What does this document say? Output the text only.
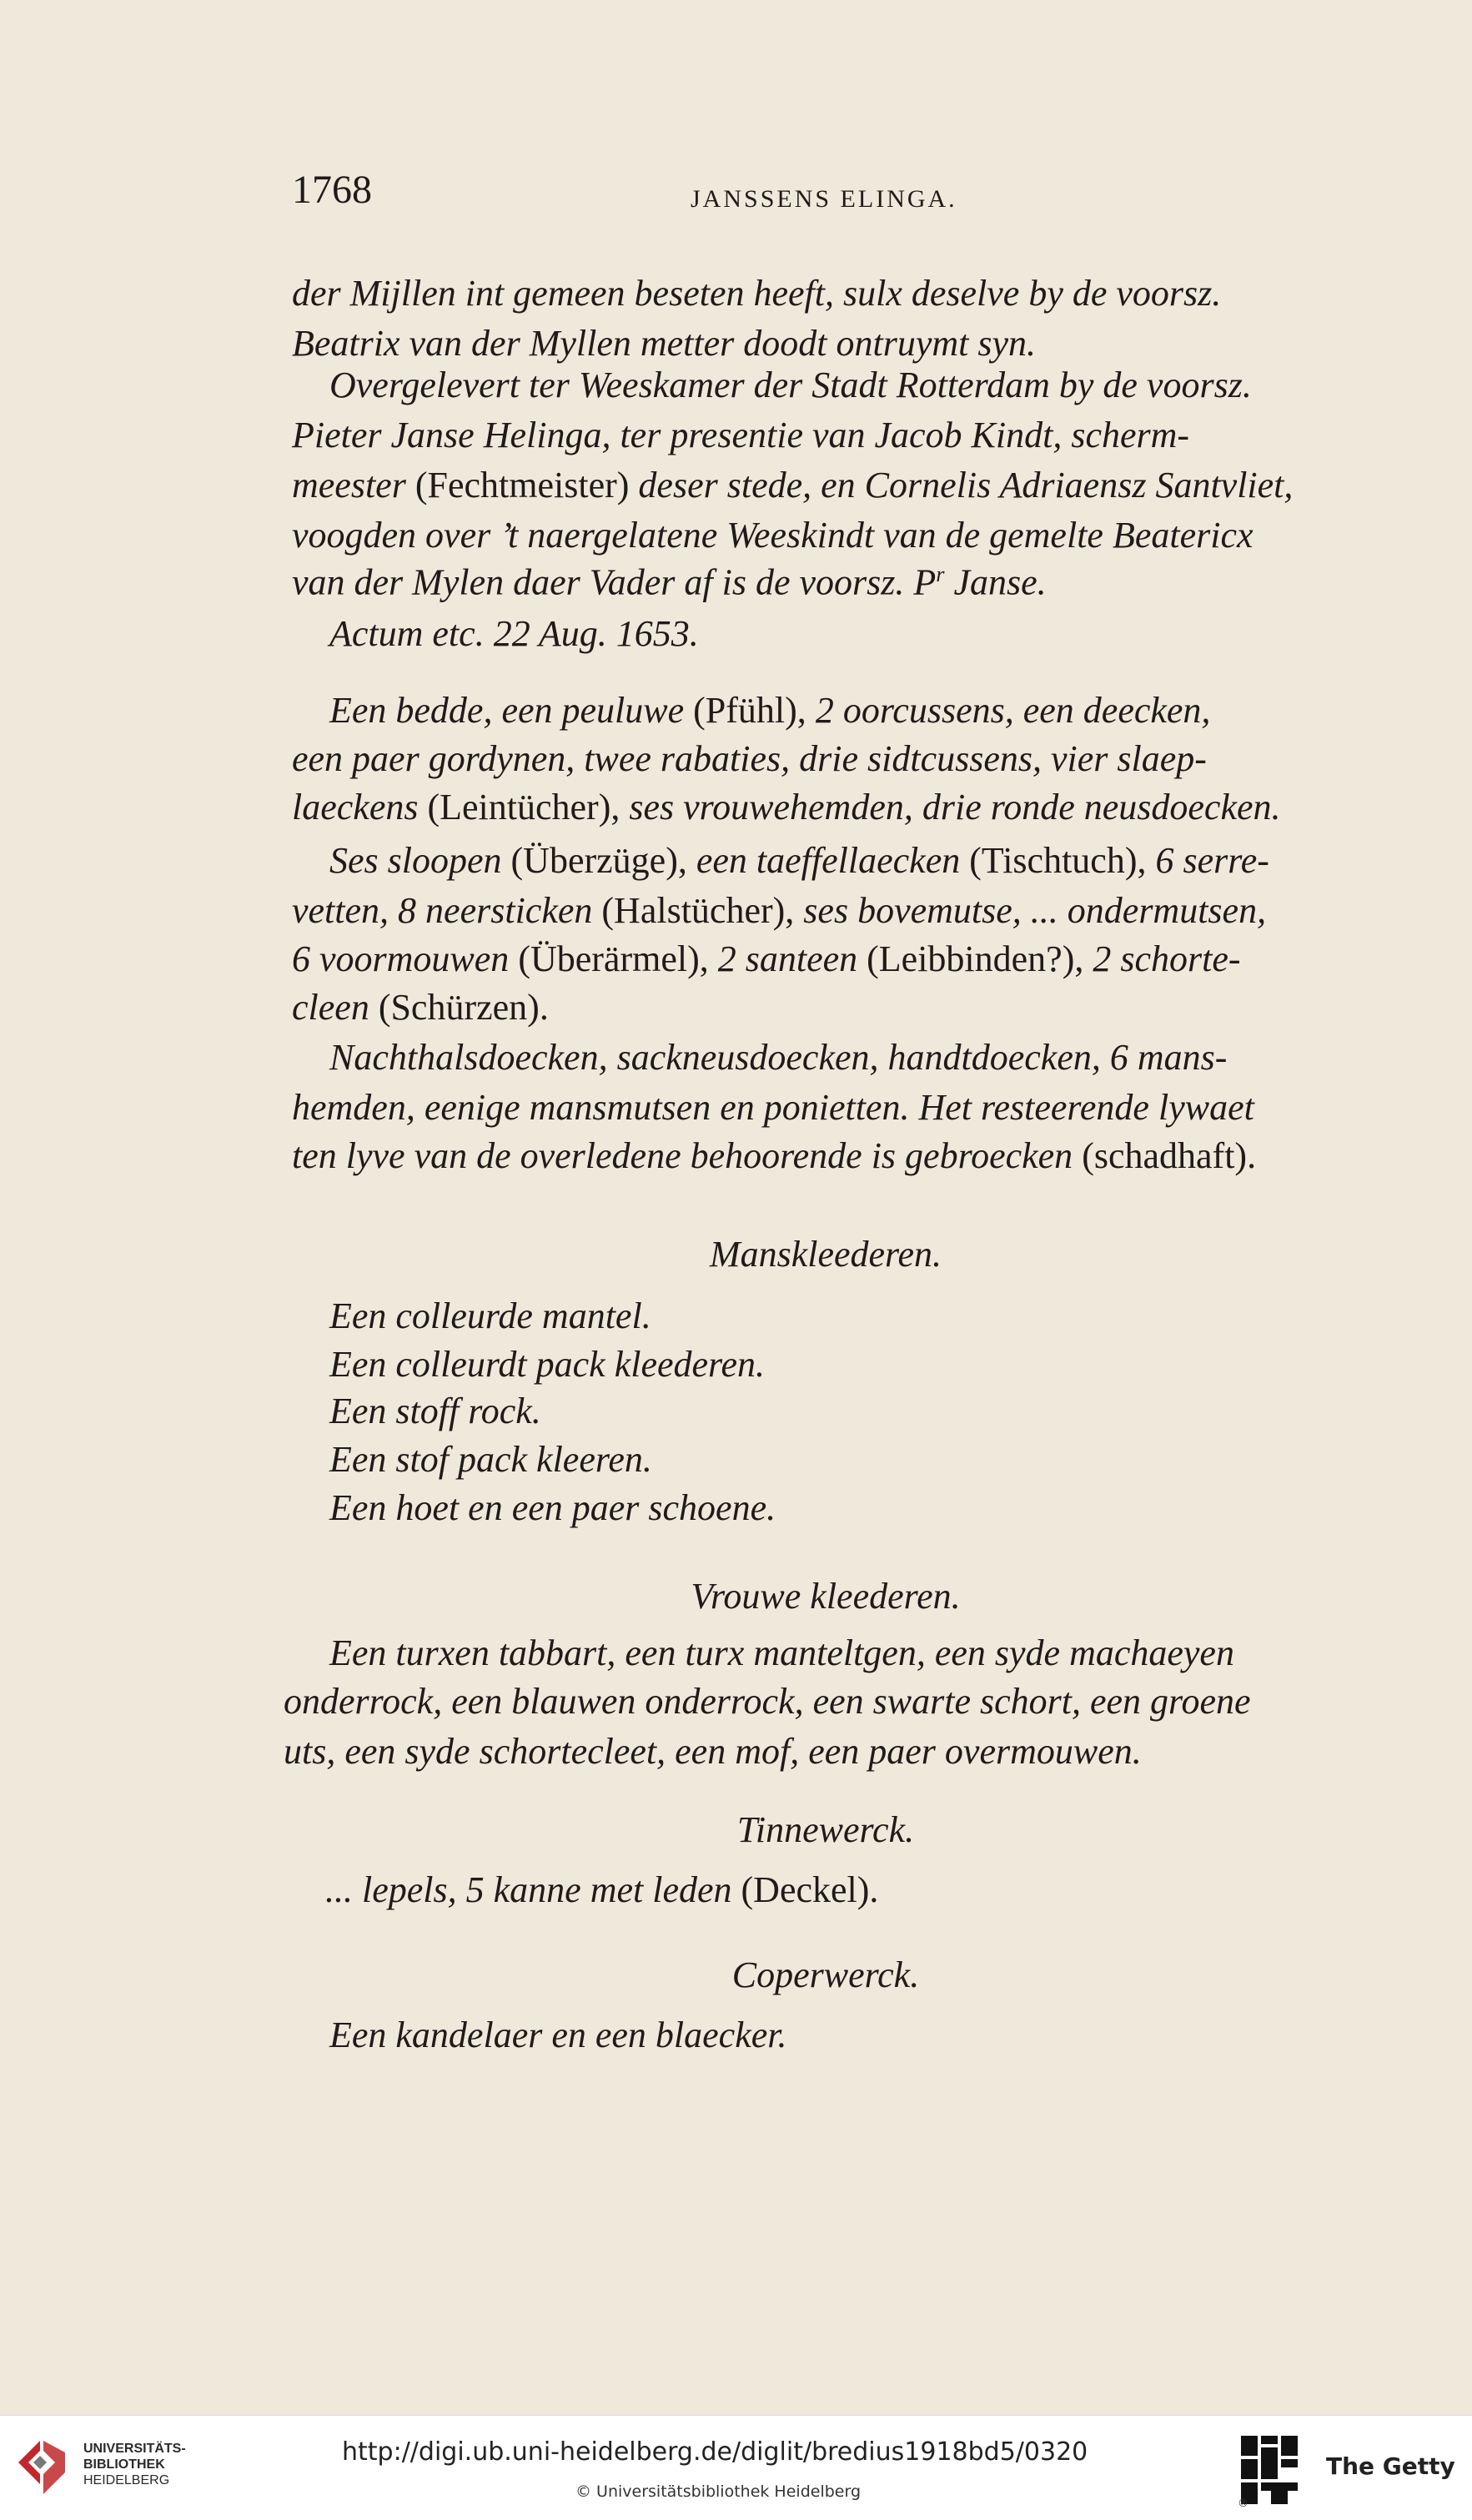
1768	JANSSENS ELINGA.
der Mijllen int gemeen beseten heeft, sulx deselve by de voorsz.
Beatrix van der Myllen metter doodt ontruymt syn.
Overgelevert ter Weeskamer der Stadt Rotterdam by de voorsz.
Pieter Janse Helinga, ter presentie van Jacob Kindt, scherm-
meester (Fechtmeister) deser stede, en Cornelis Adriaensz Santvliet,
voogden over ’t naergelatene Weeskindt van de gemelte Beatericx
van der Mylen daer Vader af is de voorsz. $P^r$ Janse.
Actum etc. 22 Aug. 1653.
Een bedde, een peuluwe (Pfühl), 2 oorcussens, een deecken,
een paer gordynen, twee rabaties, drie sidtcussens, vier slaep-
laeckens (Leintücher), ses vrouwehemden, drie ronde neusdoecken.
Ses sloopen (Überzüge), een taeffellaecken (Tischtuch), 6 serre-
vetten, 8 neersticken (Halstücher), ses bovemutse, ... ondermutsen,
6 voormouwen (Überärmel), 2 santeen (Leibbinden?), 2 schorte-
cleen (Schürzen).
Nachthalsdoecken, sackneusdoecken, handtdoecken, 6 mans-
hemden, eenige mansmutsen en ponietten. Het resteerende lywaet
ten lyve van de overledene behoorende is gebroecken (schadhaft).
Een colleurde mantel.
Een colleurdt pack kleederen.
Een stoff rock.
Een stof pack kleeren.
Een hoet en een paer schoene.
Een turxen tabbart, een turx manteltgen, een syde machaeyen
onderrock, een blauwen onderrock, een swarte schort, een groene
uts, een syde schortecleet, een mof, een paer overmouwen.
... lepels, 5 kanne met leden (Deckel).
Een kandelaer en een blaecker.
Manskleederen.
Vrouwe kleederen.
Tinnewerck.
Coperwerck.
UNIVERSITÄTS-
BIBLIOTHEK
HEIDELBERG
http://digi.ub.uni-heidelberg.de/diglit/bredius1918bd5/0320
© Universitätsbibliothek Heidelberg
The Getty
®
